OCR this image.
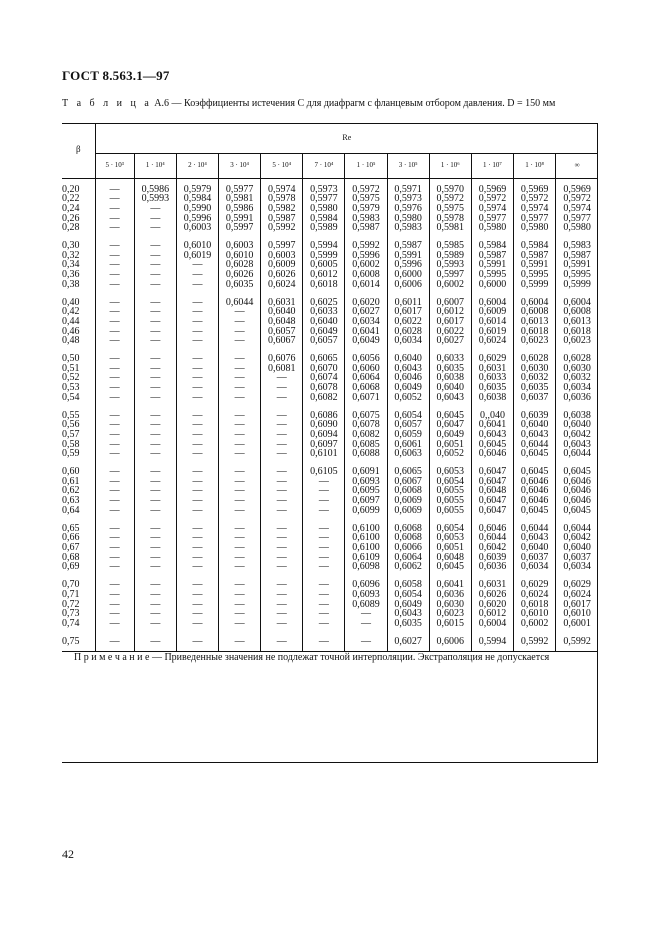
ГОСТ 8.563.1—97
Т а б л и ц а А.6 — Коэффициенты истечения C для диафрагм с фланцевым отбором давления. D = 150 мм
β	Re											
	5 · 10³	1 · 10⁴	2 · 10⁴	3 · 10⁴	5 · 10⁴	7 · 10⁴	1 · 10⁵	3 · 10⁵	1 · 10⁶	1 · 10⁷	1 · 10⁸	∞
0,20	—	0,5986	0,5979	0,5977	0,5974	0,5973	0,5972	0,5971	0,5970	0,5969	0,5969	0,5969
0,22	—	0,5993	0,5984	0,5981	0,5978	0,5977	0,5975	0,5973	0,5972	0,5972	0,5972	0,5972
0,24	—	—	0,5990	0,5986	0,5982	0,5980	0,5979	0,5976	0,5975	0,5974	0,5974	0,5974
0,26	—	—	0,5996	0,5991	0,5987	0,5984	0,5983	0,5980	0,5978	0,5977	0,5977	0,5977
0,28	—	—	0,6003	0,5997	0,5992	0,5989	0,5987	0,5983	0,5981	0,5980	0,5980	0,5980
0,30	—	—	0,6010	0,6003	0,5997	0,5994	0,5992	0,5987	0,5985	0,5984	0,5984	0,5983
0,32	—	—	0,6019	0,6010	0,6003	0,5999	0,5996	0,5991	0,5989	0,5987	0,5987	0,5987
0,34	—	—	—	0,6028	0,6009	0,6005	0,6002	0,5996	0,5993	0,5991	0,5991	0,5991
0,36	—	—	—	0,6026	0,6026	0,6012	0,6008	0,6000	0,5997	0,5995	0,5995	0,5995
0,38	—	—	—	0,6035	0,6024	0,6018	0,6014	0,6006	0,6002	0,6000	0,5999	0,5999
0,40	—	—	—	0,6044	0,6031	0,6025	0,6020	0,6011	0,6007	0,6004	0,6004	0,6004
0,42	—	—	—	—	0,6040	0,6033	0,6027	0,6017	0,6012	0,6009	0,6008	0,6008
0,44	—	—	—	—	0,6048	0,6040	0,6034	0,6022	0,6017	0,6014	0,6013	0,6013
0,46	—	—	—	—	0,6057	0,6049	0,6041	0,6028	0,6022	0,6019	0,6018	0,6018
0,48	—	—	—	—	0,6067	0,6057	0,6049	0,6034	0,6027	0,6024	0,6023	0,6023
0,50	—	—	—	—	0,6076	0,6065	0,6056	0,6040	0,6033	0,6029	0,6028	0,6028
0,51	—	—	—	—	0,6081	0,6070	0,6060	0,6043	0,6035	0,6031	0,6030	0,6030
0,52	—	—	—	—	—	0,6074	0,6064	0,6046	0,6038	0,6033	0,6032	0,6032
0,53	—	—	—	—	—	0,6078	0,6068	0,6049	0,6040	0,6035	0,6035	0,6034
0,54	—	—	—	—	—	0,6082	0,6071	0,6052	0,6043	0,6038	0,6037	0,6036
0,55	—	—	—	—	—	0,6086	0,6075	0,6054	0,6045	0,,040	0,6039	0,6038
0,56	—	—	—	—	—	0,6090	0,6078	0,6057	0,6047	0,6041	0,6040	0,6040
0,57	—	—	—	—	—	0,6094	0,6082	0,6059	0,6049	0,6043	0,6043	0,6042
0,58	—	—	—	—	—	0,6097	0,6085	0,6061	0,6051	0,6045	0,6044	0,6043
0,59	—	—	—	—	—	0,6101	0,6088	0,6063	0,6052	0,6046	0,6045	0,6044
0,60	—	—	—	—	—	0,6105	0,6091	0,6065	0,6053	0,6047	0,6045	0,6045
0,61	—	—	—	—	—	—	0,6093	0,6067	0,6054	0,6047	0,6046	0,6046
0,62	—	—	—	—	—	—	0,6095	0,6068	0,6055	0,6048	0,6046	0,6046
0,63	—	—	—	—	—	—	0,6097	0,6069	0,6055	0,6047	0,6046	0,6046
0,64	—	—	—	—	—	—	0,6099	0,6069	0,6055	0,6047	0,6045	0,6045
0,65	—	—	—	—	—	—	0,6100	0,6068	0,6054	0,6046	0,6044	0,6044
0,66	—	—	—	—	—	—	0,6100	0,6068	0,6053	0,6044	0,6043	0,6042
0,67	—	—	—	—	—	—	0,6100	0,6066	0,6051	0,6042	0,6040	0,6040
0,68	—	—	—	—	—	—	0,6109	0,6064	0,6048	0,6039	0,6037	0,6037
0,69	—	—	—	—	—	—	0,6098	0,6062	0,6045	0,6036	0,6034	0,6034
0,70	—	—	—	—	—	—	0,6096	0,6058	0,6041	0,6031	0,6029	0,6029
0,71	—	—	—	—	—	—	0,6093	0,6054	0,6036	0,6026	0,6024	0,6024
0,72	—	—	—	—	—	—	0,6089	0,6049	0,6030	0,6020	0,6018	0,6017
0,73	—	—	—	—	—	—	—	0,6043	0,6023	0,6012	0,6010	0,6010
0,74	—	—	—	—	—	—	—	0,6035	0,6015	0,6004	0,6002	0,6001
0,75	—	—	—	—	—	—	—	0,6027	0,6006	0,5994	0,5992	0,5992
П р и м е ч а н и е — Приведенные значения не подлежат точной интерполяции. Экстраполяция не допускается												
42
